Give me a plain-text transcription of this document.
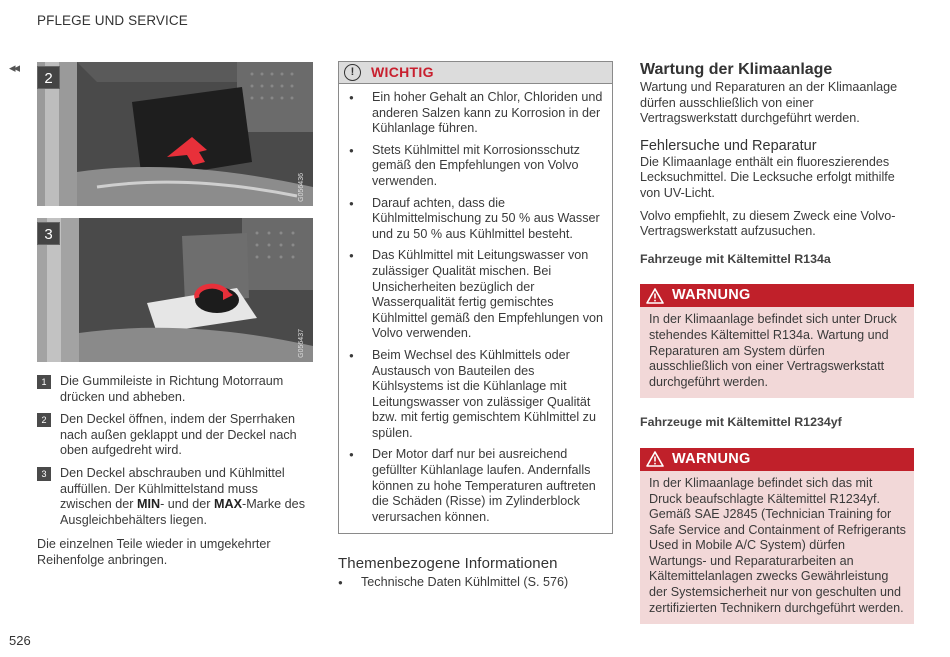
PFLEGE UND SERVICE
◂◂
526
2
G056436
3
G056437
1	Die Gummileiste in Richtung Motorraum drücken und abheben.
2	Den Deckel öffnen, indem der Sperrhaken nach außen geklappt und der Deckel nach oben aufgedreht wird.
3	Den Deckel abschrauben und Kühlmittel auffüllen. Der Kühlmittelstand muss zwischen der MIN- und der MAX-Marke des Ausgleichbehälters liegen.
Die einzelnen Teile wieder in umgekehrter Reihenfolge anbringen.
!	WICHTIG
●	Ein hoher Gehalt an Chlor, Chloriden und anderen Salzen kann zu Korrosion in der Kühlanlage führen.
●	Stets Kühlmittel mit Korrosionsschutz gemäß den Empfehlungen von Volvo verwenden.
●	Darauf achten, dass die Kühlmittelmischung zu 50 % aus Wasser und zu 50 % aus Kühlmittel besteht.
●	Das Kühlmittel mit Leitungswasser von zulässiger Qualität mischen. Bei Unsicherheiten bezüglich der Wasserqualität fertig gemischtes Kühlmittel gemäß den Empfehlungen von Volvo verwenden.
●	Beim Wechsel des Kühlmittels oder Austausch von Bauteilen des Kühlsystems ist die Kühlanlage mit Leitungswasser von zulässiger Qualität bzw. mit fertig gemischtem Kühlmittel zu spülen.
●	Der Motor darf nur bei ausreichend gefüllter Kühlanlage laufen. Andernfalls können zu hohe Temperaturen auftreten die Schäden (Risse) im Zylinderblock verursachen können.
Themenbezogene Informationen
●	Technische Daten Kühlmittel (S. 576)
Wartung der Klimaanlage
Wartung und Reparaturen an der Klimaanlage dürfen ausschließlich von einer Vertragswerkstatt durchgeführt werden.
Fehlersuche und Reparatur
Die Klimaanlage enthält ein fluoreszierendes Lecksuchmittel. Die Lecksuche erfolgt mithilfe von UV-Licht.
Volvo empfiehlt, zu diesem Zweck eine Volvo-Vertragswerkstatt aufzusuchen.
Fahrzeuge mit Kältemittel R134a
WARNUNG
In der Klimaanlage befindet sich unter Druck stehendes Kältemittel R134a. Wartung und Reparaturen am System dürfen ausschließlich von einer Vertragswerkstatt durchgeführt werden.
Fahrzeuge mit Kältemittel R1234yf
WARNUNG
In der Klimaanlage befindet sich das mit Druck beaufschlagte Kältemittel R1234yf. Gemäß SAE J2845 (Technician Training for Safe Service and Containment of Refrigerants Used in Mobile A/C System) dürfen Wartungs- und Reparaturarbeiten an Kältemittelanlagen zwecks Gewährleistung der Systemsicherheit nur von geschulten und zertifizierten Technikern durchgeführt werden.
